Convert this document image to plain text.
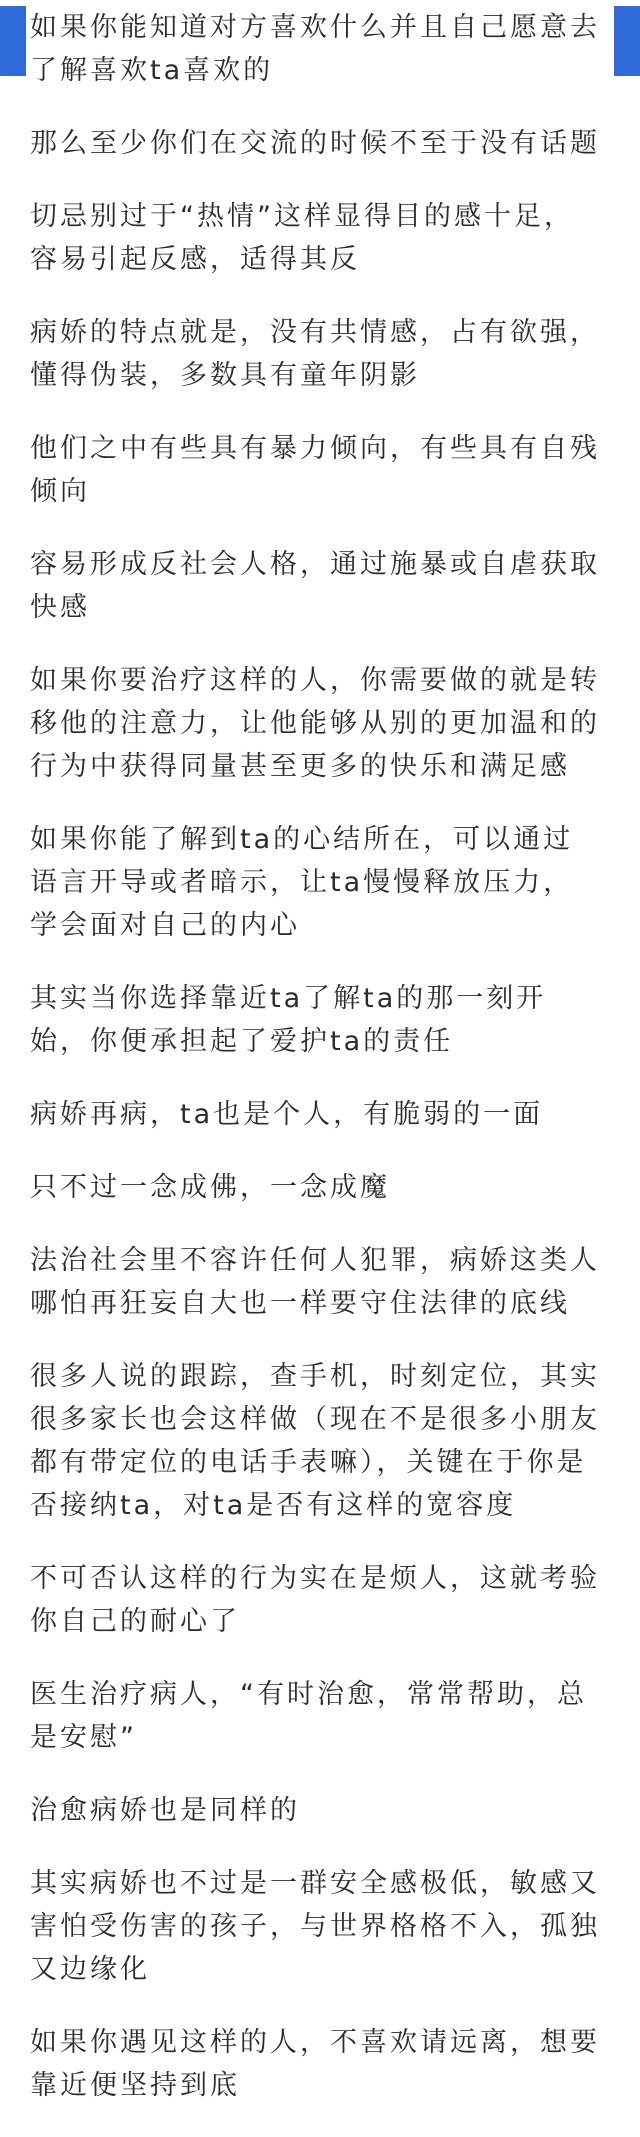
如果你能知道对方喜欢什么并且自己愿意去了解喜欢ta喜欢的

那么至少你们在交流的时候不至于没有话题

切忌别过于“热情”这样显得目的感十足，容易引起反感，适得其反

病娇的特点就是，没有共情感，占有欲强，懂得伪装，多数具有童年阴影

他们之中有些具有暴力倾向，有些具有自残倾向

容易形成反社会人格，通过施暴或自虐获取快感

如果你要治疗这样的人，你需要做的就是转移他的注意力，让他能够从别的更加温和的行为中获得同量甚至更多的快乐和满足感

如果你能了解到ta的心结所在，可以通过语言开导或者暗示，让ta慢慢释放压力，学会面对自己的内心

其实当你选择靠近ta了解ta的那一刻开始，你便承担起了爱护ta的责任

病娇再病，ta也是个人，有脆弱的一面

只不过一念成佛，一念成魔

法治社会里不容许任何人犯罪，病娇这类人哪怕再狂妄自大也一样要守住法律的底线

很多人说的跟踪，查手机，时刻定位，其实很多家长也会这样做（现在不是很多小朋友都有带定位的电话手表嘛），关键在于你是否接纳ta，对ta是否有这样的宽容度

不可否认这样的行为实在是烦人，这就考验你自己的耐心了

医生治疗病人，“有时治愈，常常帮助，总是安慰”

治愈病娇也是同样的

其实病娇也不过是一群安全感极低，敏感又害怕受伤害的孩子，与世界格格不入，孤独又边缘化

如果你遇见这样的人，不喜欢请远离，想要靠近便坚持到底
